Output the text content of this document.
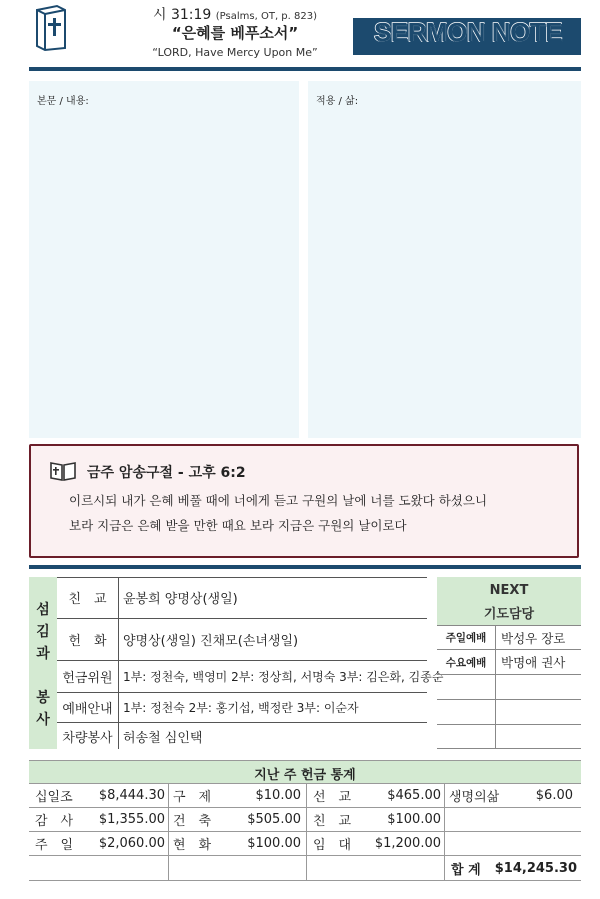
시 31:19 (Psalms, OT, p. 823)
“은혜를 베푸소서”
“LORD, Have Mercy Upon Me”
SERMON NOTE
본문 / 내용:	적용 / 삶:
금주 암송구절 - 고후 6:2
이르시되 내가 은혜 베풀 때에 너에게 듣고 구원의 날에 너를 도왔다 하셨으니
보라 지금은 은혜 받을 만한 때요 보라 지금은 구원의 날이로다
섬
김
과
봉
사
친　교	윤봉희 양명상(생일)
헌　화	양명상(생일) 진채모(손녀생일)
헌금위원 1부: 정천숙, 백영미 2부: 정상희, 서명숙 3부: 김은화, 김종순
예배안내 1부: 정천숙 2부: 홍기섭, 백정란 3부: 이순자
차량봉사 허송철 심인택
NEXT
기도담당
주일예배	박성우 장로
수요예배	박명애 권사
지난 주 헌금 통계
십일조	$8,444.30 구　제	$10.00 선　교	$465.00 생명의삶	$6.00
감　사	$1,355.00 건　축	$505.00 친　교	$100.00
주　일	$2,060.00 현　화	$100.00 임　대	$1,200.00
합 계	$14,245.30
